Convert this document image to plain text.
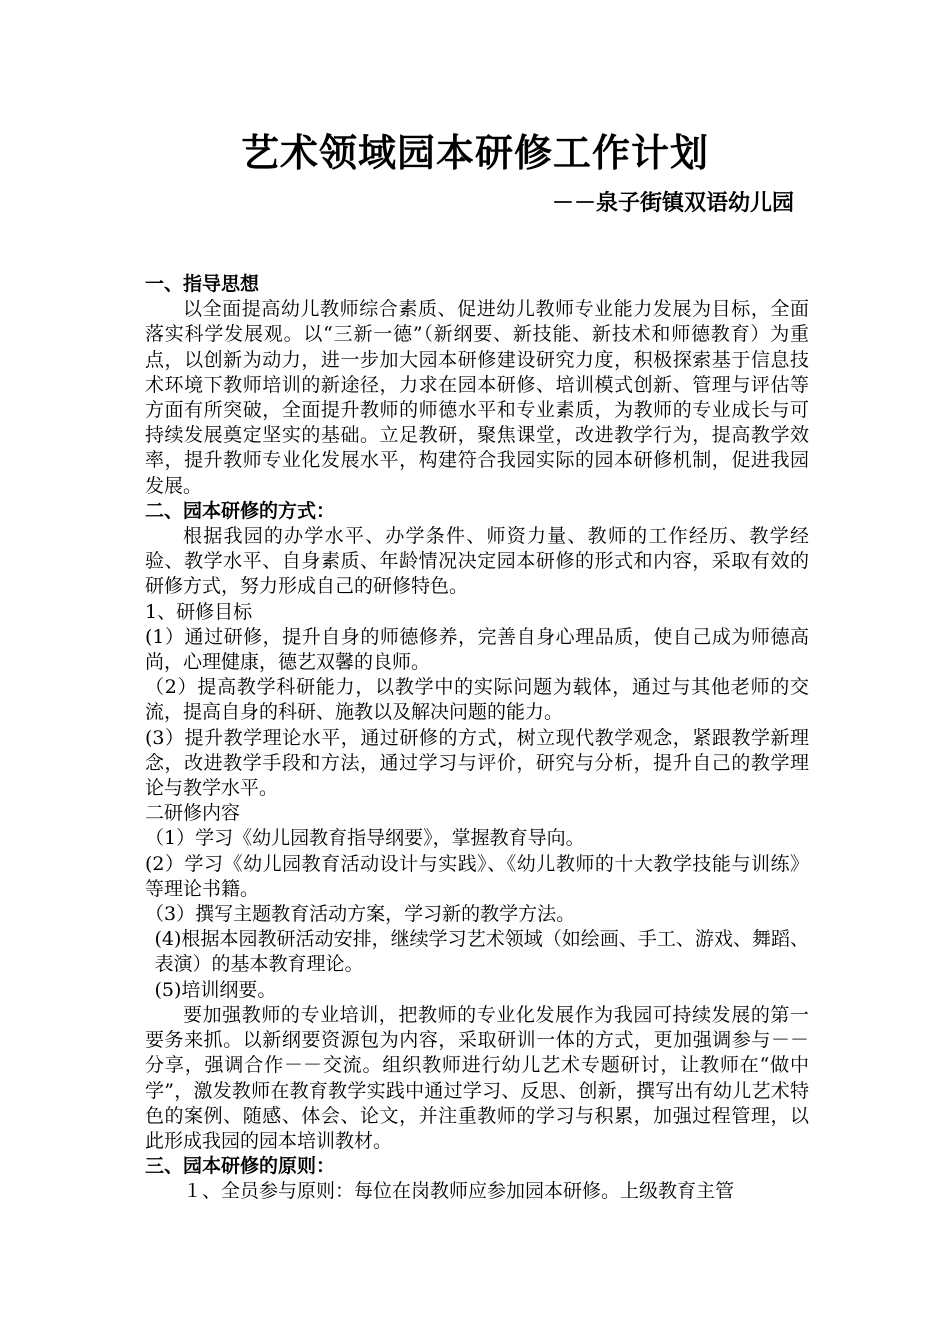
艺术领域园本研修工作计划
－－泉子街镇双语幼儿园

一、指导思想

以全面提高幼儿教师综合素质、促进幼儿教师专业能力发展为目标，全面落实科学发展观。以“三新一德”（新纲要、新技能、新技术和师德教育）为重点，以创新为动力，进一步加大园本研修建设研究力度，积极探索基于信息技术环境下教师培训的新途径，力求在园本研修、培训模式创新、管理与评估等方面有所突破，全面提升教师的师德水平和专业素质，为教师的专业成长与可持续发展奠定坚实的基础。立足教研，聚焦课堂，改进教学行为，提高教学效率，提升教师专业化发展水平，构建符合我园实际的园本研修机制，促进我园发展。

二、园本研修的方式：

根据我园的办学水平、办学条件、师资力量、教师的工作经历、教学经验、教学水平、自身素质、年龄情况决定园本研修的形式和内容，采取有效的研修方式，努力形成自己的研修特色。

1、研修目标

(1）通过研修，提升自身的师德修养，完善自身心理品质，使自己成为师德高尚，心理健康，德艺双馨的良师。

（2）提高教学科研能力，以教学中的实际问题为载体，通过与其他老师的交流，提高自身的科研、施教以及解决问题的能力。

(3）提升教学理论水平，通过研修的方式，树立现代教学观念，紧跟教学新理念，改进教学手段和方法，通过学习与评价，研究与分析，提升自己的教学理论与教学水平。

二研修内容

（1）学习《幼儿园教育指导纲要》，掌握教育导向。

(2）学习《幼儿园教育活动设计与实践》、《幼儿教师的十大教学技能与训练》等理论书籍。

（3）撰写主题教育活动方案，学习新的教学方法。

(4)根据本园教研活动安排，继续学习艺术领域（如绘画、手工、游戏、舞蹈、表演）的基本教育理论。

(5)培训纲要。

要加强教师的专业培训，把教师的专业化发展作为我园可持续发展的第一要务来抓。以新纲要资源包为内容，采取研训一体的方式，更加强调参与－－分享，强调合作－－交流。组织教师进行幼儿艺术专题研讨，让教师在“做中学”，激发教师在教育教学实践中通过学习、反思、创新，撰写出有幼儿艺术特色的案例、随感、体会、论文，并注重教师的学习与积累，加强过程管理，以此形成我园的园本培训教材。

三、园本研修的原则：

１、全员参与原则：每位在岗教师应参加园本研修。上级教育主管
